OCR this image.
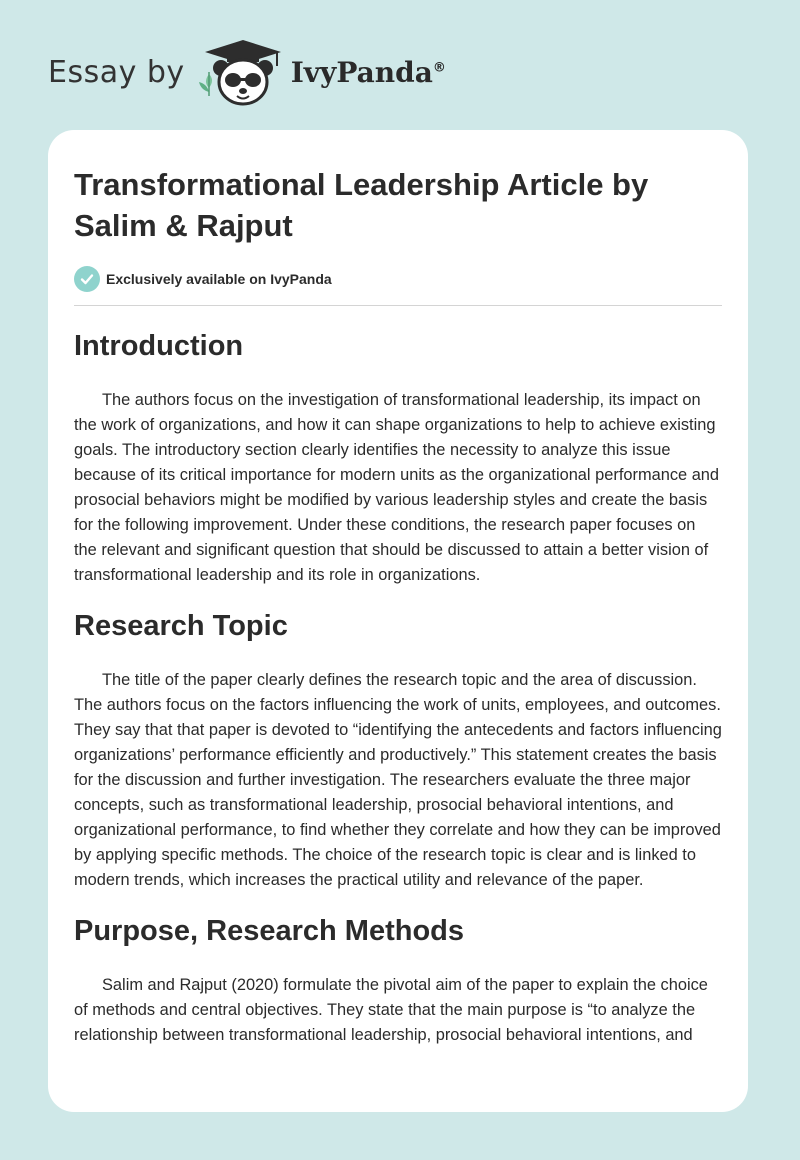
Essay by	IvyPanda®
Transformational Leadership Article by Salim & Rajput
Exclusively available on IvyPanda
Introduction

The authors focus on the investigation of transformational leadership, its impact on the work of organizations, and how it can shape organizations to help to achieve existing goals. The introductory section clearly identifies the necessity to analyze this issue because of its critical importance for modern units as the organizational performance and prosocial behaviors might be modified by various leadership styles and create the basis for the following improvement. Under these conditions, the research paper focuses on the relevant and significant question that should be discussed to attain a better vision of transformational leadership and its role in organizations.

Research Topic

The title of the paper clearly defines the research topic and the area of discussion. The authors focus on the factors influencing the work of units, employees, and outcomes. They say that that paper is devoted to “identifying the antecedents and factors influencing organizations’ performance efficiently and productively.” This statement creates the basis for the discussion and further investigation. The researchers evaluate the three major concepts, such as transformational leadership, prosocial behavioral intentions, and organizational performance, to find whether they correlate and how they can be improved by applying specific methods. The choice of the research topic is clear and is linked to modern trends, which increases the practical utility and relevance of the paper.

Purpose, Research Methods

Salim and Rajput (2020) formulate the pivotal aim of the paper to explain the choice of methods and central objectives. They state that the main purpose is “to analyze the relationship between transformational leadership, prosocial behavioral intentions, and
